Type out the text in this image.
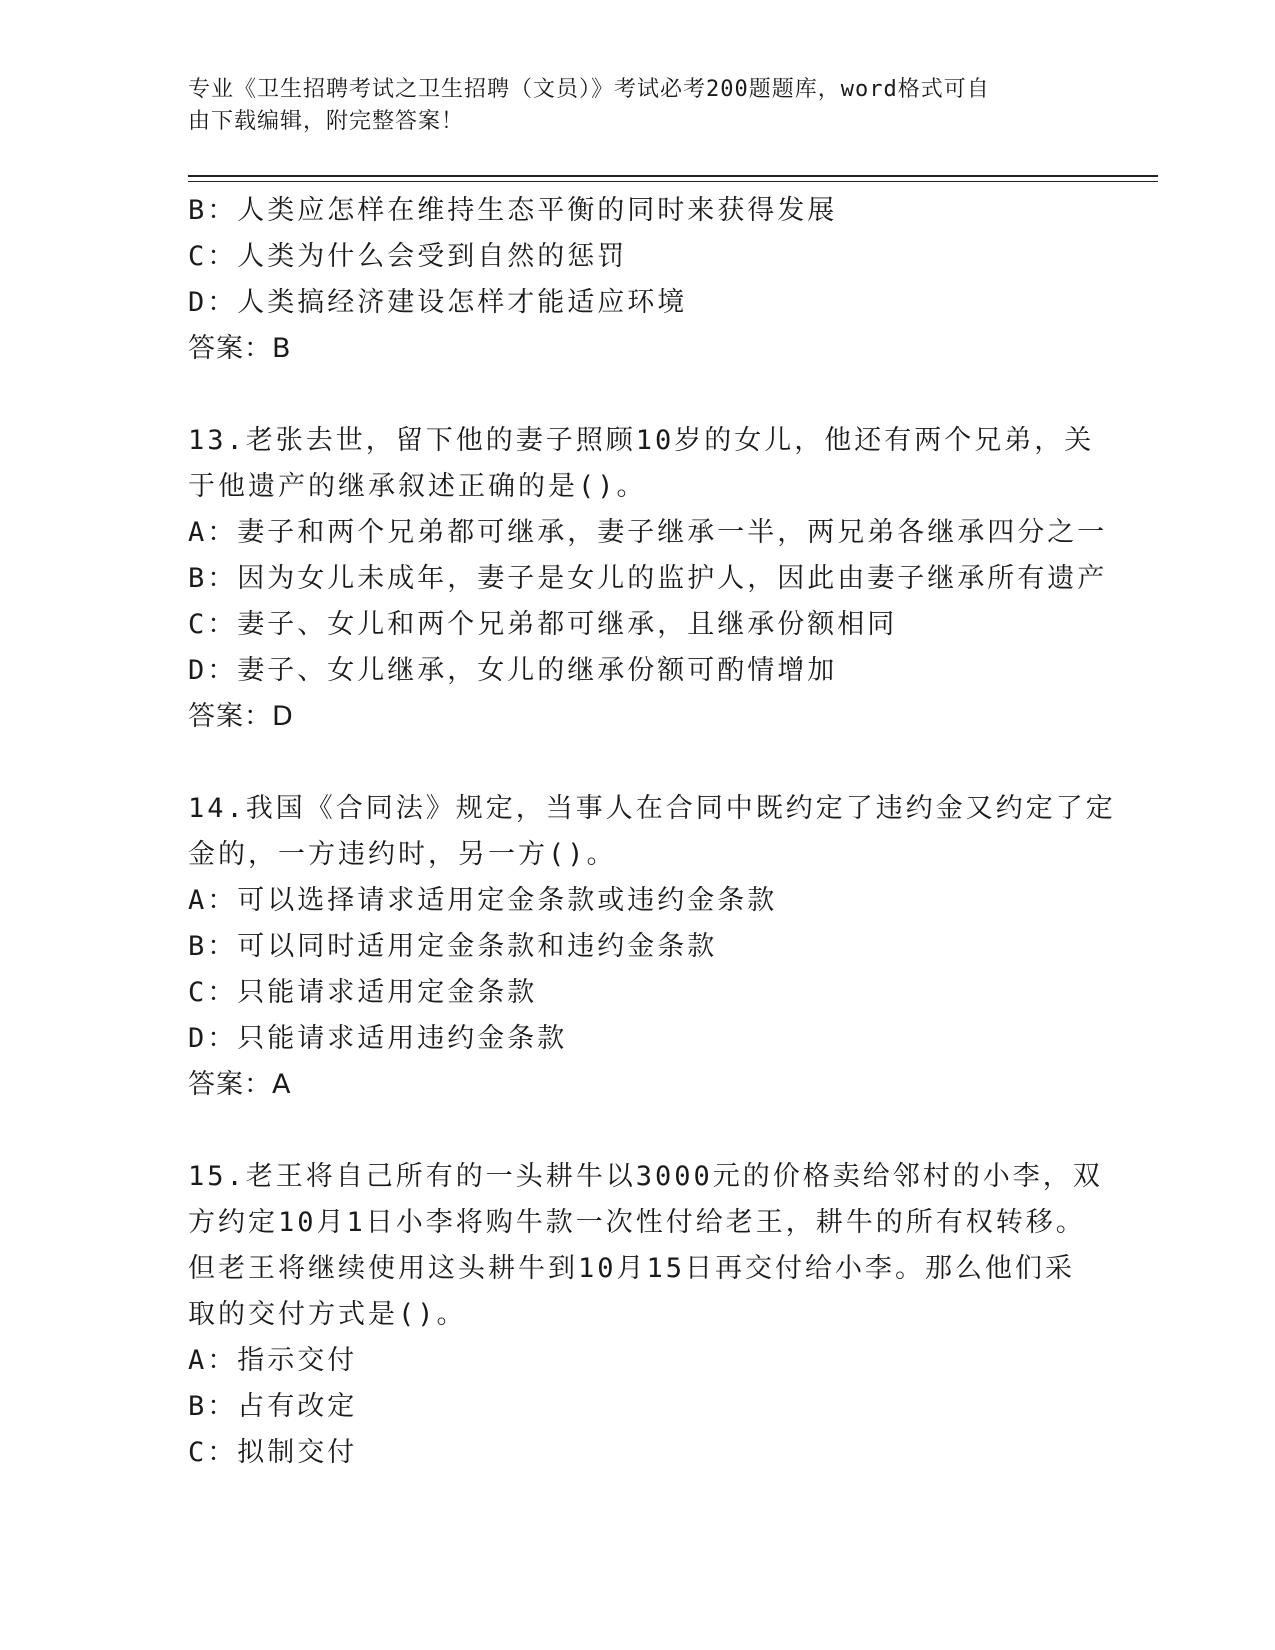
专业《卫生招聘考试之卫生招聘（文员）》考试必考200题题库，word格式可自
由下载编辑，附完整答案！
B：人类应怎样在维持生态平衡的同时来获得发展
C：人类为什么会受到自然的惩罚
D：人类搞经济建设怎样才能适应环境
答案：B
13.老张去世，留下他的妻子照顾10岁的女儿，他还有两个兄弟，关
于他遗产的继承叙述正确的是()。
A：妻子和两个兄弟都可继承，妻子继承一半，两兄弟各继承四分之一
B：因为女儿未成年，妻子是女儿的监护人，因此由妻子继承所有遗产
C：妻子、女儿和两个兄弟都可继承，且继承份额相同
D：妻子、女儿继承，女儿的继承份额可酌情增加
答案：D
14.我国《合同法》规定，当事人在合同中既约定了违约金又约定了定
金的，一方违约时，另一方()。
A：可以选择请求适用定金条款或违约金条款
B：可以同时适用定金条款和违约金条款
C：只能请求适用定金条款
D：只能请求适用违约金条款
答案：A
15.老王将自己所有的一头耕牛以3000元的价格卖给邻村的小李，双
方约定10月1日小李将购牛款一次性付给老王，耕牛的所有权转移。
但老王将继续使用这头耕牛到10月15日再交付给小李。那么他们采
取的交付方式是()。
A：指示交付
B：占有改定
C：拟制交付
